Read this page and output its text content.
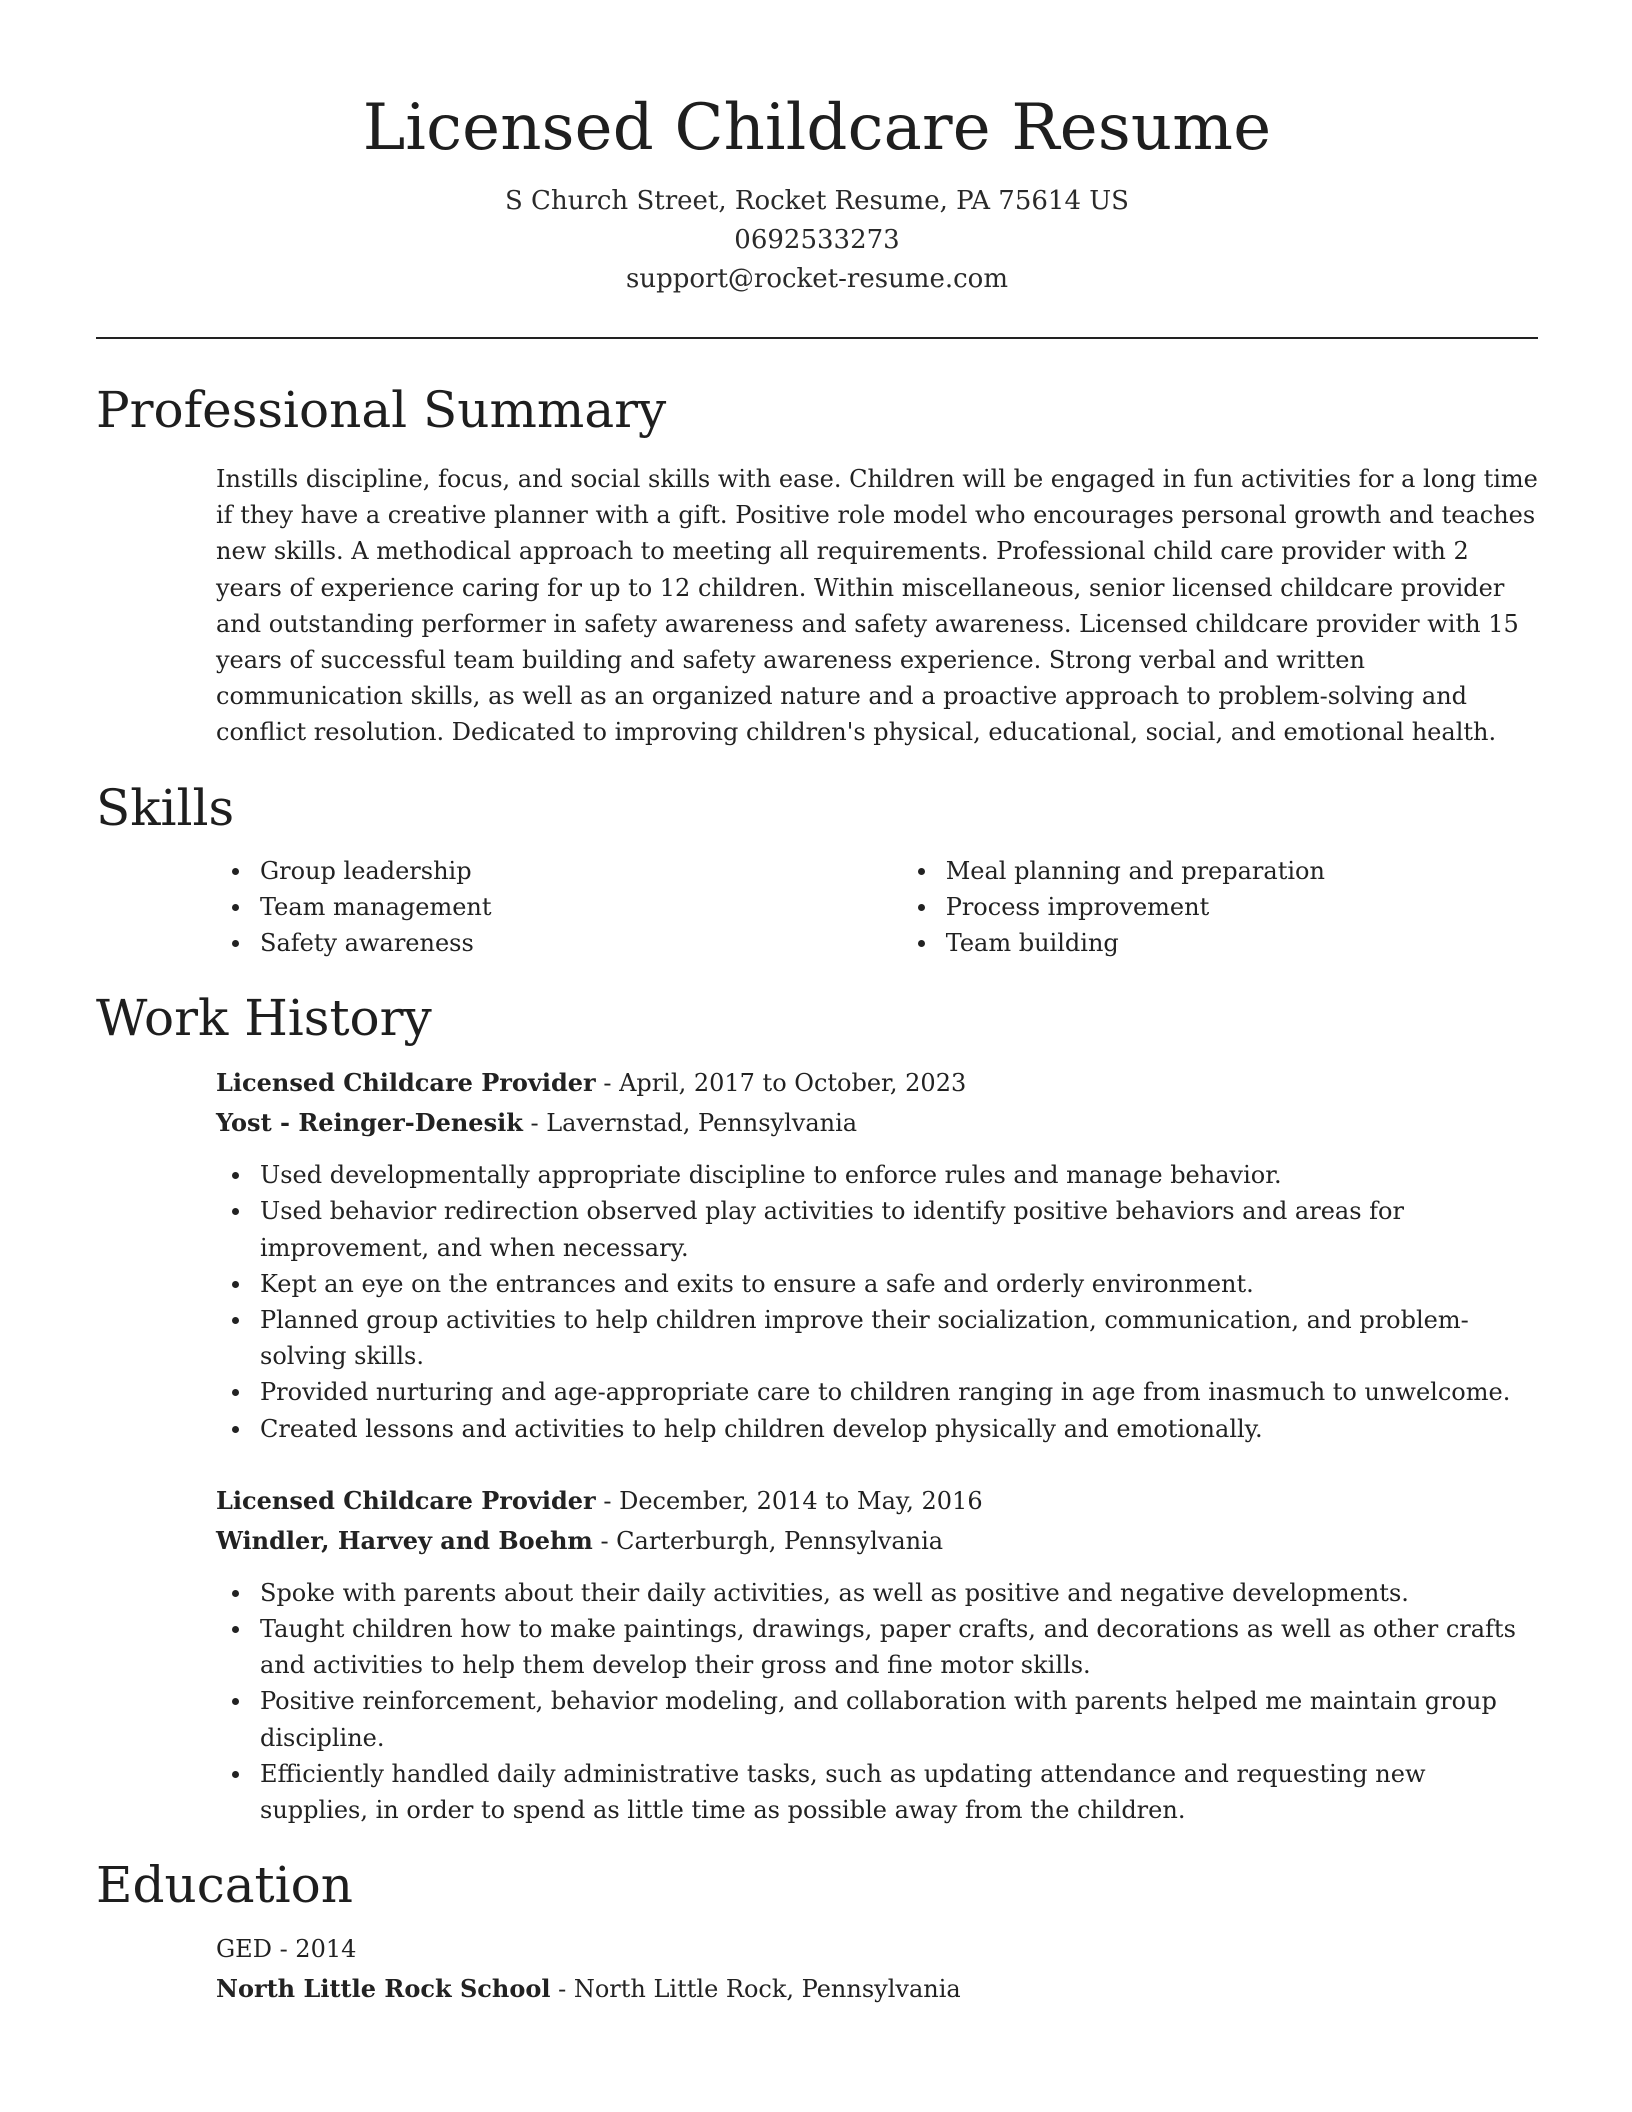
Licensed Childcare Resume
S Church Street, Rocket Resume, PA 75614 US
0692533273
support@rocket-resume.com
Professional Summary

Instills discipline, focus, and social skills with ease. Children will be engaged in fun activities for a long time if they have a creative planner with a gift. Positive role model who encourages personal growth and teaches new skills. A methodical approach to meeting all requirements. Professional child care provider with 2 years of experience caring for up to 12 children. Within miscellaneous, senior licensed childcare provider and outstanding performer in safety awareness and safety awareness. Licensed childcare provider with 15 years of successful team building and safety awareness experience. Strong verbal and written communication skills, as well as an organized nature and a proactive approach to problem-solving and conflict resolution. Dedicated to improving children's physical, educational, social, and emotional health.

Skills
Group leadership
Team management
Safety awareness
Meal planning and preparation
Process improvement
Team building
Work History
Licensed Childcare Provider - April, 2017 to October, 2023
Yost - Reinger-Denesik - Lavernstad, Pennsylvania
Used developmentally appropriate discipline to enforce rules and manage behavior.
Used behavior redirection observed play activities to identify positive behaviors and areas for improvement, and when necessary.
Kept an eye on the entrances and exits to ensure a safe and orderly environment.
Planned group activities to help children improve their socialization, communication, and problem-solving skills.
Provided nurturing and age-appropriate care to children ranging in age from inasmuch to unwelcome.
Created lessons and activities to help children develop physically and emotionally.
Licensed Childcare Provider - December, 2014 to May, 2016
Windler, Harvey and Boehm - Carterburgh, Pennsylvania
Spoke with parents about their daily activities, as well as positive and negative developments.
Taught children how to make paintings, drawings, paper crafts, and decorations as well as other crafts and activities to help them develop their gross and fine motor skills.
Positive reinforcement, behavior modeling, and collaboration with parents helped me maintain group discipline.
Efficiently handled daily administrative tasks, such as updating attendance and requesting new supplies, in order to spend as little time as possible away from the children.
Education
GED - 2014
North Little Rock School - North Little Rock, Pennsylvania
